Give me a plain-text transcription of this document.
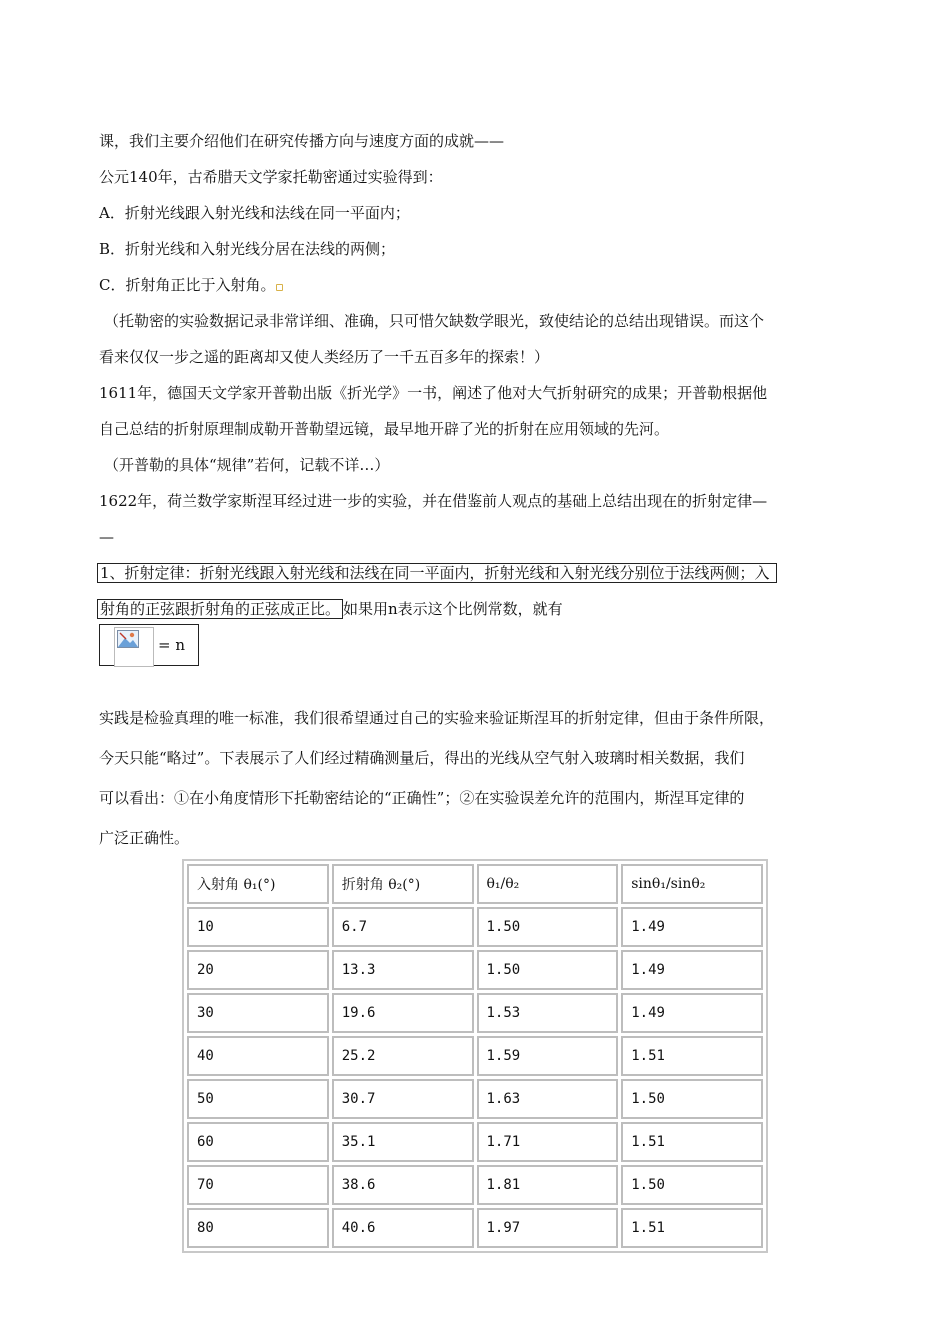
课，我们主要介绍他们在研究传播方向与速度方面的成就——
公元140年，古希腊天文学家托勒密通过实验得到：
A．折射光线跟入射光线和法线在同一平面内；
B．折射光线和入射光线分居在法线的两侧；
C．折射角正比于入射角。
（托勒密的实验数据记录非常详细、准确，只可惜欠缺数学眼光，致使结论的总结出现错误。而这个
看来仅仅一步之遥的距离却又使人类经历了一千五百多年的探索！）
1611年，德国天文学家开普勒出版《折光学》一书，阐述了他对大气折射研究的成果；开普勒根据他
自己总结的折射原理制成勒开普勒望远镜，最早地开辟了光的折射在应用领域的先河。
（开普勒的具体“规律”若何，记载不详…）
1622年，荷兰数学家斯涅耳经过进一步的实验，并在借鉴前人观点的基础上总结出现在的折射定律—
—
1、折射定律：折射光线跟入射光线和法线在同一平面内，折射光线和入射光线分别位于法线两侧；入
射角的正弦跟折射角的正弦成正比。 如果用n表示这个比例常数，就有
= n
实践是检验真理的唯一标准，我们很希望通过自己的实验来验证斯涅耳的折射定律，但由于条件所限，
今天只能“略过”。下表展示了人们经过精确测量后，得出的光线从空气射入玻璃时相关数据，我们
可以看出：①在小角度情形下托勒密结论的“正确性”；②在实验误差允许的范围内，斯涅耳定律的
广泛正确性。
入射角 θ₁(°)	折射角 θ₂(°)	θ₁/θ₂	sinθ₁/sinθ₂
10	6.7	1.50	1.49
20	13.3	1.50	1.49
30	19.6	1.53	1.49
40	25.2	1.59	1.51
50	30.7	1.63	1.50
60	35.1	1.71	1.51
70	38.6	1.81	1.50
80	40.6	1.97	1.51
